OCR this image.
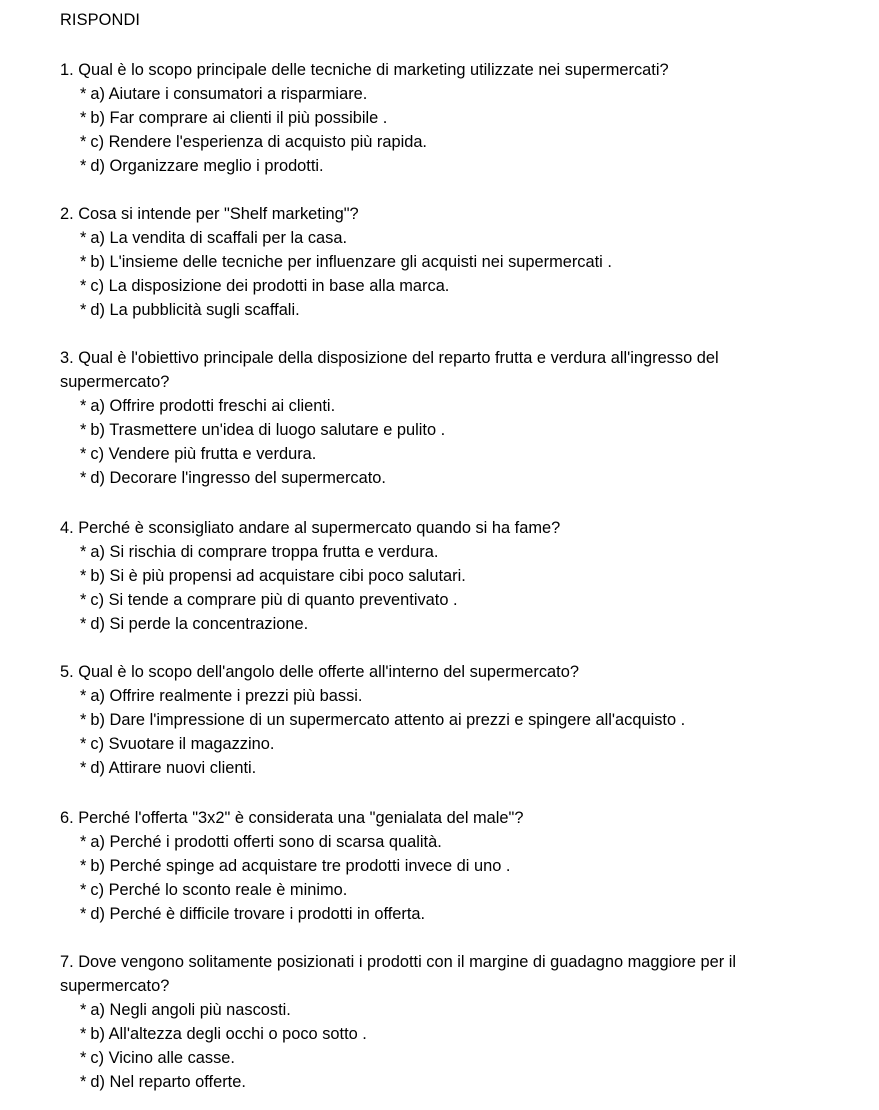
RISPONDI

1. Qual è lo scopo principale delle tecniche di marketing utilizzate nei supermercati?

* a) Aiutare i consumatori a risparmiare.
* b) Far comprare ai clienti il più possibile .
* c) Rendere l'esperienza di acquisto più rapida.
* d) Organizzare meglio i prodotti.

2. Cosa si intende per "Shelf marketing"?

* a) La vendita di scaffali per la casa.
* b) L'insieme delle tecniche per influenzare gli acquisti nei supermercati .
* c) La disposizione dei prodotti in base alla marca.
* d) La pubblicità sugli scaffali.

3. Qual è l'obiettivo principale della disposizione del reparto frutta e verdura all'ingresso del supermercato?

* a) Offrire prodotti freschi ai clienti.
* b) Trasmettere un'idea di luogo salutare e pulito .
* c) Vendere più frutta e verdura.
* d) Decorare l'ingresso del supermercato.

4. Perché è sconsigliato andare al supermercato quando si ha fame?

* a) Si rischia di comprare troppa frutta e verdura.
* b) Si è più propensi ad acquistare cibi poco salutari.
* c) Si tende a comprare più di quanto preventivato .
* d) Si perde la concentrazione.

5. Qual è lo scopo dell'angolo delle offerte all'interno del supermercato?

* a) Offrire realmente i prezzi più bassi.
* b) Dare l'impressione di un supermercato attento ai prezzi e spingere all'acquisto .
* c) Svuotare il magazzino.
* d) Attirare nuovi clienti.

6. Perché l'offerta "3x2" è considerata una "genialata del male"?

* a) Perché i prodotti offerti sono di scarsa qualità.
* b) Perché spinge ad acquistare tre prodotti invece di uno .
* c) Perché lo sconto reale è minimo.
* d) Perché è difficile trovare i prodotti in offerta.

7. Dove vengono solitamente posizionati i prodotti con il margine di guadagno maggiore per il supermercato?

* a) Negli angoli più nascosti.
* b) All'altezza degli occhi o poco sotto .
* c) Vicino alle casse.
* d) Nel reparto offerte.
